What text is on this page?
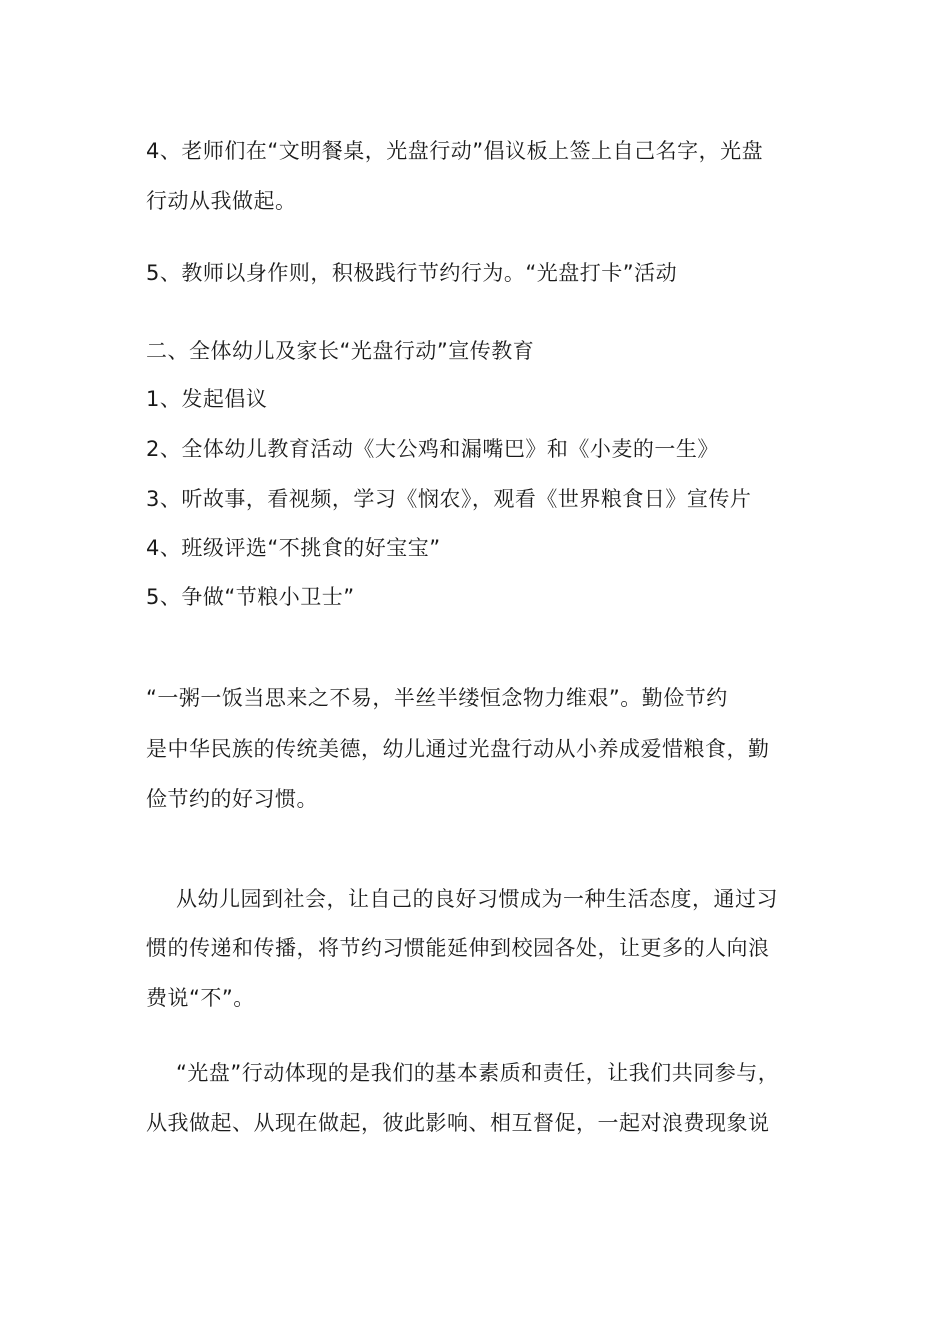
4、老师们在“文明餐桌，光盘行动”倡议板上签上自己名字，光盘
行动从我做起。
5、教师以身作则，积极践行节约行为。“光盘打卡”活动
二、全体幼儿及家长“光盘行动”宣传教育
1、发起倡议
2、全体幼儿教育活动《大公鸡和漏嘴巴》和《小麦的一生》
3、听故事，看视频，学习《悯农》，观看《世界粮食日》宣传片
4、班级评选“不挑食的好宝宝”
5、争做“节粮小卫士”
“一粥一饭当思来之不易，半丝半缕恒念物力维艰”。勤俭节约
是中华民族的传统美德，幼儿通过光盘行动从小养成爱惜粮食，勤
俭节约的好习惯。
从幼儿园到社会，让自己的良好习惯成为一种生活态度，通过习
惯的传递和传播，将节约习惯能延伸到校园各处，让更多的人向浪
费说“不”。
“光盘”行动体现的是我们的基本素质和责任，让我们共同参与，
从我做起、从现在做起，彼此影响、相互督促，一起对浪费现象说
